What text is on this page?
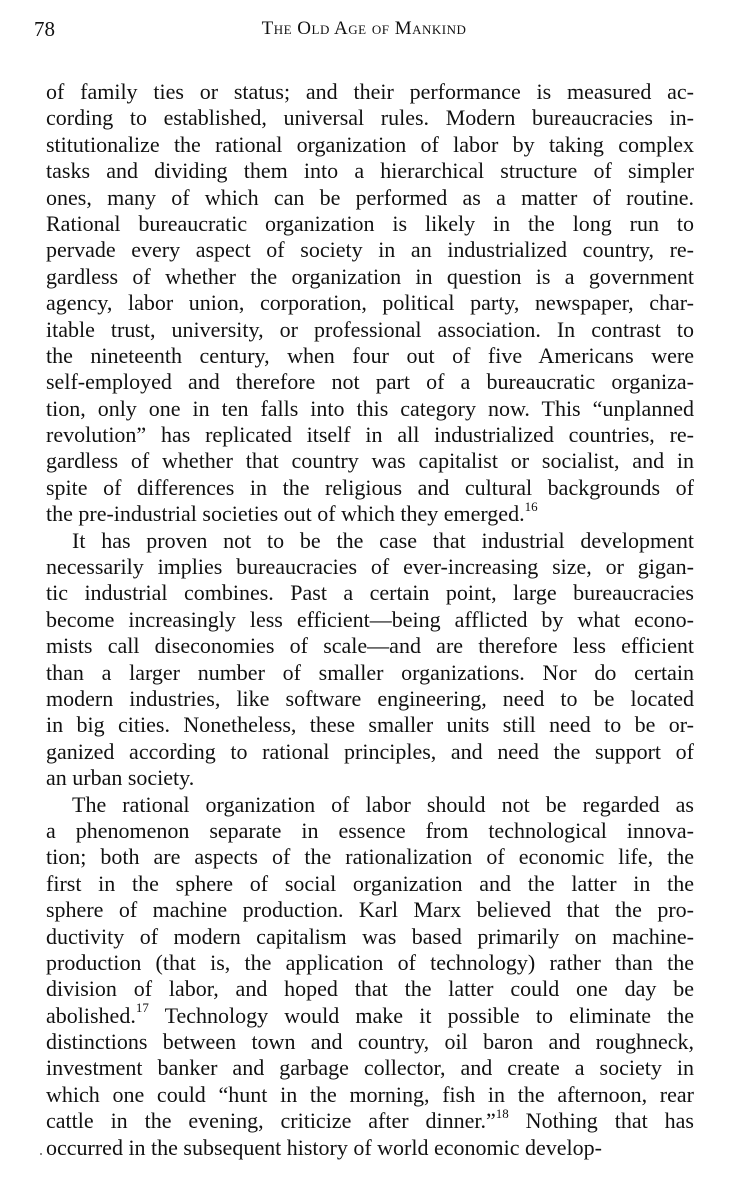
78	The Old Age of Mankind
of family ties or status; and their performance is measured ac-
cording to established, universal rules. Modern bureaucracies in-
stitutionalize the rational organization of labor by taking complex
tasks and dividing them into a hierarchical structure of simpler
ones, many of which can be performed as a matter of routine.
Rational bureaucratic organization is likely in the long run to
pervade every aspect of society in an industrialized country, re-
gardless of whether the organization in question is a government
agency, labor union, corporation, political party, newspaper, char-
itable trust, university, or professional association. In contrast to
the nineteenth century, when four out of five Americans were
self-employed and therefore not part of a bureaucratic organiza-
tion, only one in ten falls into this category now. This “unplanned
revolution” has replicated itself in all industrialized countries, re-
gardless of whether that country was capitalist or socialist, and in
spite of differences in the religious and cultural backgrounds of
the pre-industrial societies out of which they emerged.$^{16}$
It has proven not to be the case that industrial development
necessarily implies bureaucracies of ever-increasing size, or gigan-
tic industrial combines. Past a certain point, large bureaucracies
become increasingly less efficient—being afflicted by what econo-
mists call diseconomies of scale—and are therefore less efficient
than a larger number of smaller organizations. Nor do certain
modern industries, like software engineering, need to be located
in big cities. Nonetheless, these smaller units still need to be or-
ganized according to rational principles, and need the support of
an urban society.
The rational organization of labor should not be regarded as
a phenomenon separate in essence from technological innova-
tion; both are aspects of the rationalization of economic life, the
first in the sphere of social organization and the latter in the
sphere of machine production. Karl Marx believed that the pro-
ductivity of modern capitalism was based primarily on machine-
production (that is, the application of technology) rather than the
division of labor, and hoped that the latter could one day be
abolished.$^{17}$ Technology would make it possible to eliminate the
distinctions between town and country, oil baron and roughneck,
investment banker and garbage collector, and create a society in
which one could “hunt in the morning, fish in the afternoon, rear
cattle in the evening, criticize after dinner.”$^{18}$ Nothing that has
occurred in the subsequent history of world economic develop-
